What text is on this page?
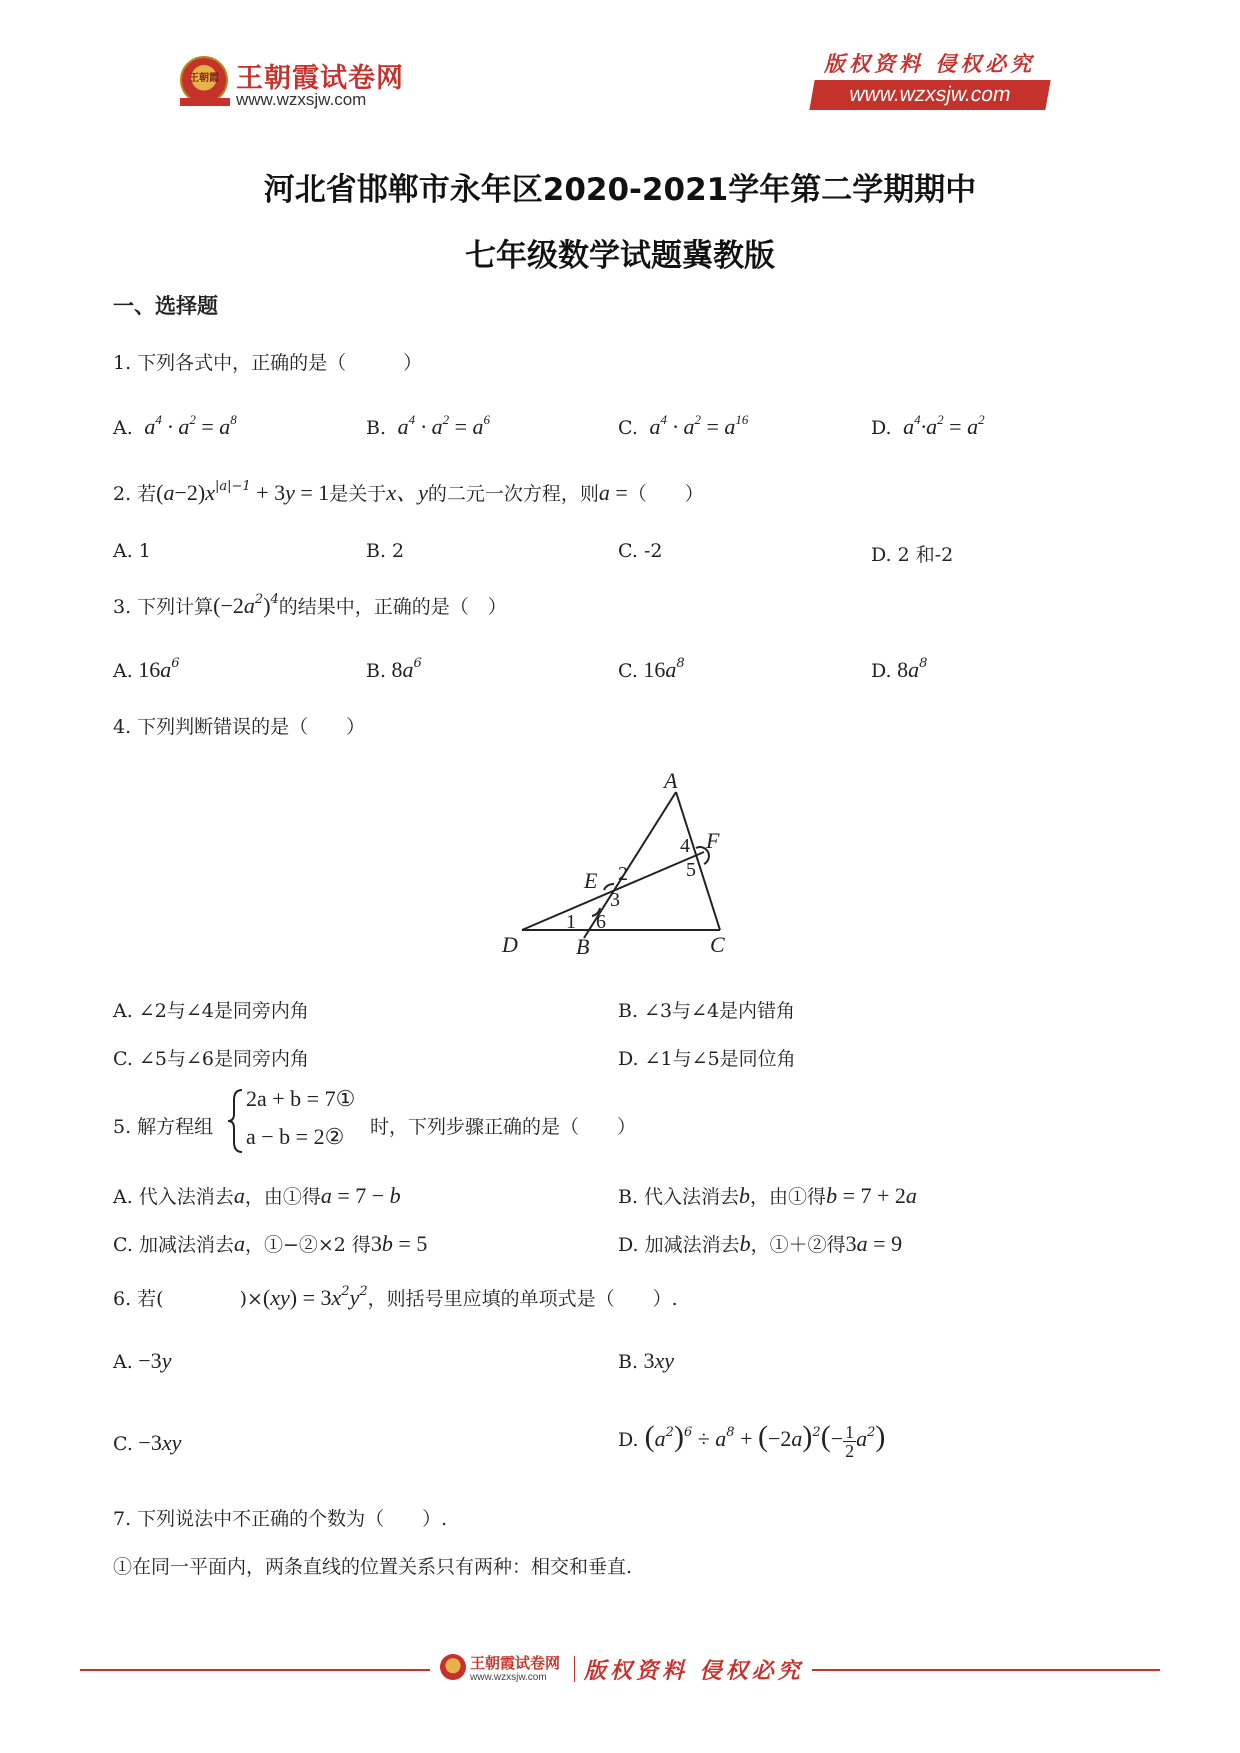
王朝霞 王朝霞试卷网
www.wzxsjw.com
版权资料 侵权必究
www.wzxsjw.com
河北省邯郸市永年区2020-2021学年第二学期期中
七年级数学试题冀教版
一、选择题
1. 下列各式中，正确的是（　　　）
A.  $a^4 \cdot a^2 = a^8$	B.  $a^4 \cdot a^2 = a^6$	C.  $a^4 \cdot a^2 = a^{16}$	D.  $a^4\cdot a^2 = a^2$
2. 若$(a-2)x^{|a|-1} + 3y = 1$是关于x、y的二元一次方程，则a =（　　）
A. 1	B. 2	C. -2	D. 2 和-2
3. 下列计算$(-2a^2)^4$的结果中，正确的是（　）
A. $16a^6$	B. $8a^6$	C. $16a^8$	D. $8a^8$
4. 下列判断错误的是（　　）
A
B	C
D
E
F
1
2
3
4
5
6
A. ∠2与∠4是同旁内角	B. ∠3与∠4是内错角
C. ∠5与∠6是同旁内角	D. ∠1与∠5是同位角
5. 解方程组
2a + b = 7①
a − b = 2② 时，下列步骤正确的是（　　）
A. 代入法消去a，由①得a = 7 − b	B. 代入法消去b，由①得b = 7 + 2a
C. 加减法消去a，①−②×2 得3b = 5	D. 加减法消去b，①＋②得3a = 9
6. 若(　　　　)$\times(xy) = 3x^2y^2$，则括号里应填的单项式是（　　）.
A. −3y	B. 3xy
C. −3xy	D. $(a^2)^6 \div a^8 + (-2a)^2(- \frac{1}{2} a^2)$
7. 下列说法中不正确的个数为（　　）.
①在同一平面内，两条直线的位置关系只有两种：相交和垂直.
王朝霞试卷网
www.wzxsjw.com 版权资料 侵权必究
